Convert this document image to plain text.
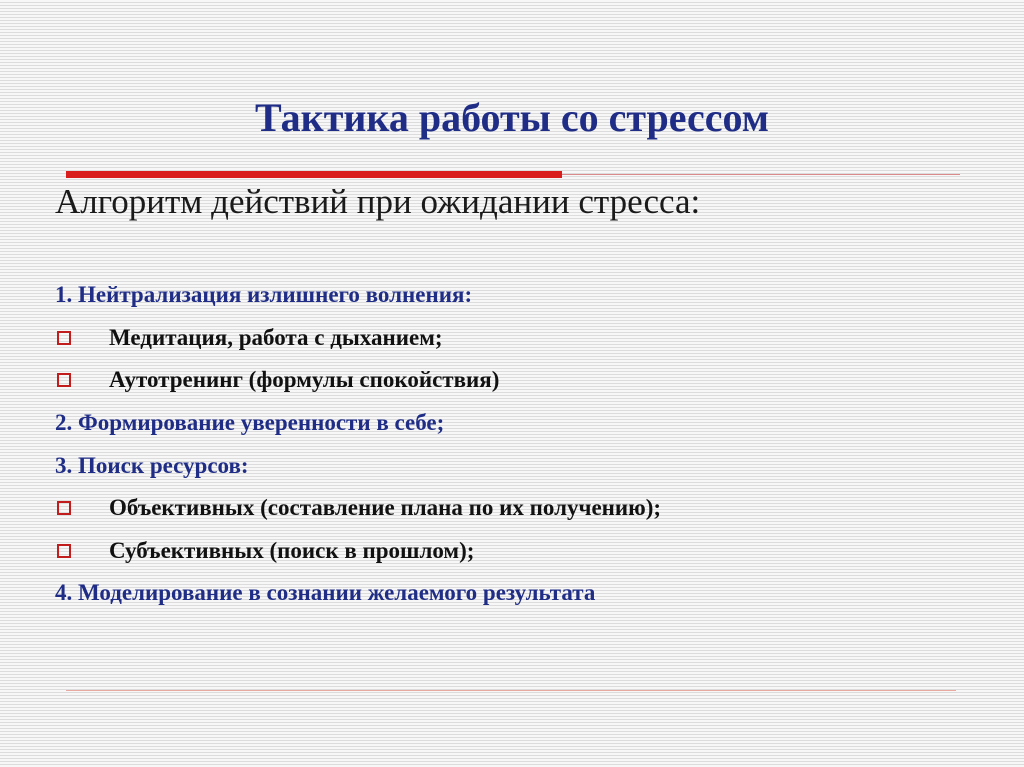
Тактика работы со стрессом
Алгоритм действий при ожидании стресса:
1. Нейтрализация излишнего волнения:
Медитация, работа с дыханием;
Аутотренинг (формулы спокойствия)
2. Формирование уверенности в себе;
3. Поиск ресурсов:
Объективных (составление плана по их получению);
Субъективных (поиск в прошлом);
4. Моделирование в сознании желаемого результата
